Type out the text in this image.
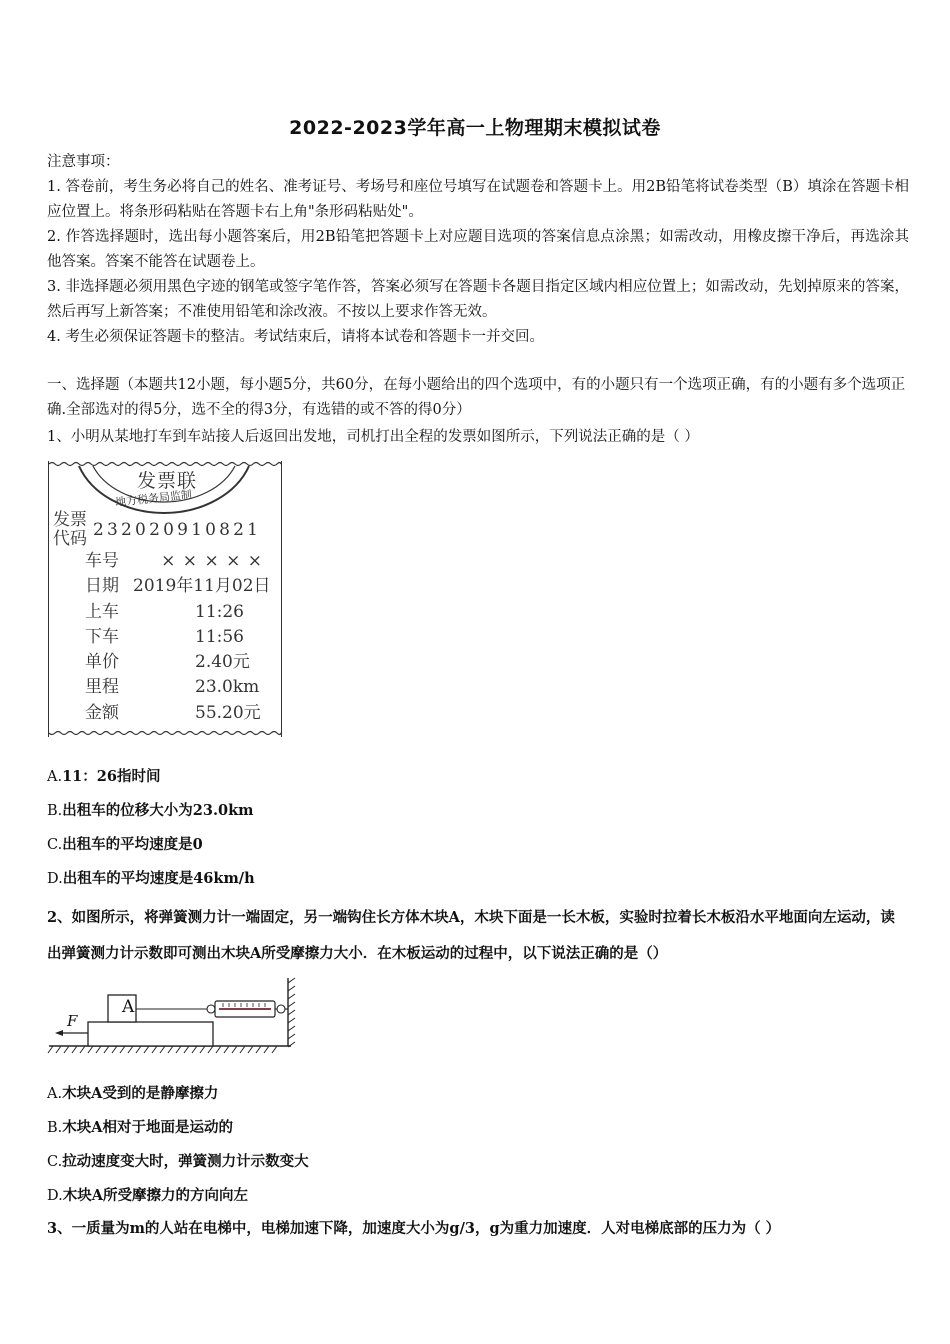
2022-2023学年高一上物理期末模拟试卷
注意事项：
1. 答卷前，考生务必将自己的姓名、准考证号、考场号和座位号填写在试题卷和答题卡上。用2B铅笔将试卷类型（B）填涂在答题卡相应位置上。将条形码粘贴在答题卡右上角"条形码粘贴处"。
2. 作答选择题时，选出每小题答案后，用2B铅笔把答题卡上对应题目选项的答案信息点涂黑；如需改动，用橡皮擦干净后，再选涂其他答案。答案不能答在试题卷上。
3. 非选择题必须用黑色字迹的钢笔或签字笔作答，答案必须写在答题卡各题目指定区域内相应位置上；如需改动，先划掉原来的答案，然后再写上新答案；不准使用铅笔和涂改液。不按以上要求作答无效。
4. 考生必须保证答题卡的整洁。考试结束后，请将本试卷和答题卡一并交回。
一、选择题（本题共12小题，每小题5分，共60分，在每小题给出的四个选项中，有的小题只有一个选项正确，有的小题有多个选项正确.全部选对的得5分，选不全的得3分，有选错的或不答的得0分）
1、小明从某地打车到车站接人后返回出发地，司机打出全程的发票如图所示，下列说法正确的是（ ）
发票联
地方税务局监制
发票
代码 232020910821
车号	× × × × ×
日期 2019年11月02日
上车	11:26
下车	11:56
单价	2.40元
里程	23.0km
金额	55.20元
A.11：26指时间
B.出租车的位移大小为23.0km
C.出租车的平均速度是0
D.出租车的平均速度是46km/h
2、如图所示，将弹簧测力计一端固定，另一端钩住长方体木块A，木块下面是一长木板，实验时拉着长木板沿水平地面向左运动，读出弹簧测力计示数即可测出木块A所受摩擦力大小．在木板运动的过程中，以下说法正确的是（）
A
F
A.木块A受到的是静摩擦力
B.木块A相对于地面是运动的
C.拉动速度变大时，弹簧测力计示数变大
D.木块A所受摩擦力的方向向左
3、一质量为m的人站在电梯中，电梯加速下降，加速度大小为g/3，g为重力加速度．人对电梯底部的压力为（ ）
